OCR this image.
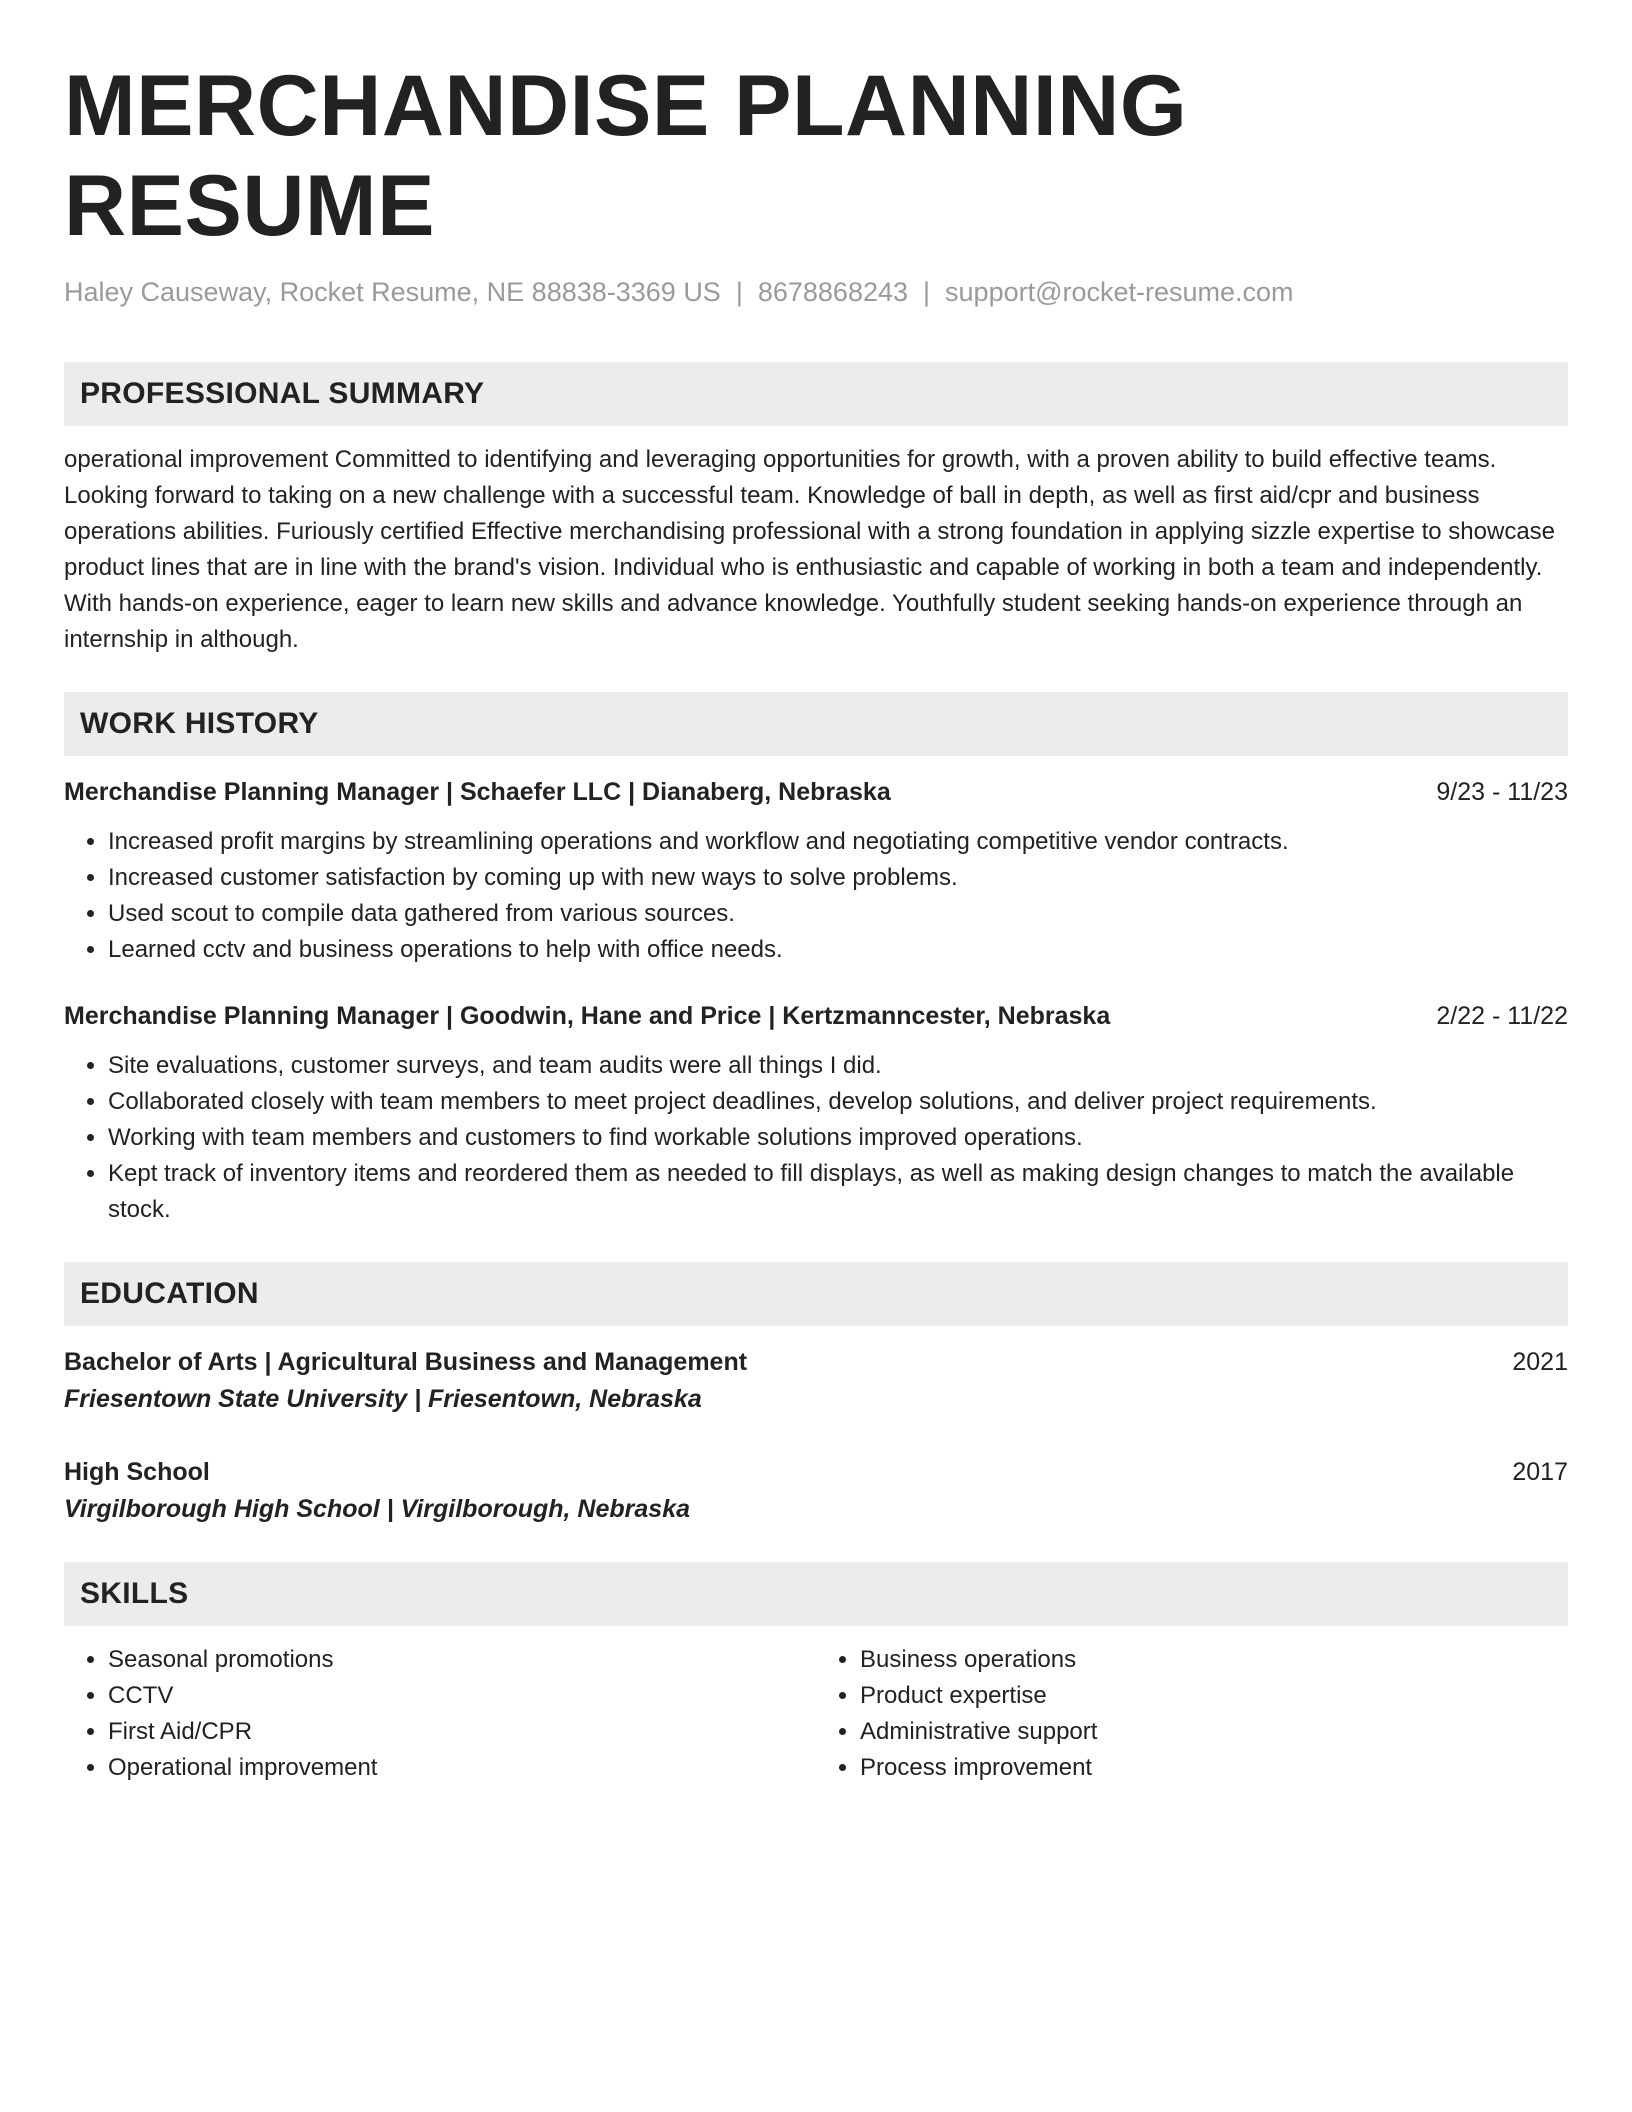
MERCHANDISE PLANNING RESUME
Haley Causeway, Rocket Resume, NE 88838-3369 US | 8678868243 | support@rocket-resume.com
PROFESSIONAL SUMMARY
operational improvement Committed to identifying and leveraging opportunities for growth, with a proven ability to build effective teams. Looking forward to taking on a new challenge with a successful team. Knowledge of ball in depth, as well as first aid/cpr and business operations abilities. Furiously certified Effective merchandising professional with a strong foundation in applying sizzle expertise to showcase product lines that are in line with the brand's vision. Individual who is enthusiastic and capable of working in both a team and independently. With hands-on experience, eager to learn new skills and advance knowledge. Youthfully student seeking hands-on experience through an internship in although.
WORK HISTORY
Merchandise Planning Manager | Schaefer LLC | Dianaberg, Nebraska	9/23 - 11/23
• Increased profit margins by streamlining operations and workflow and negotiating competitive vendor contracts.
• Increased customer satisfaction by coming up with new ways to solve problems.
• Used scout to compile data gathered from various sources.
• Learned cctv and business operations to help with office needs.
Merchandise Planning Manager | Goodwin, Hane and Price | Kertzmanncester, Nebraska	2/22 - 11/22
• Site evaluations, customer surveys, and team audits were all things I did.
• Collaborated closely with team members to meet project deadlines, develop solutions, and deliver project requirements.
• Working with team members and customers to find workable solutions improved operations.
• Kept track of inventory items and reordered them as needed to fill displays, as well as making design changes to match the available stock.
EDUCATION
Bachelor of Arts | Agricultural Business and Management	2021
Friesentown State University | Friesentown, Nebraska
High School	2017
Virgilborough High School | Virgilborough, Nebraska
SKILLS
• Seasonal promotions
• CCTV
• First Aid/CPR
• Operational improvement
• Business operations
• Product expertise
• Administrative support
• Process improvement
